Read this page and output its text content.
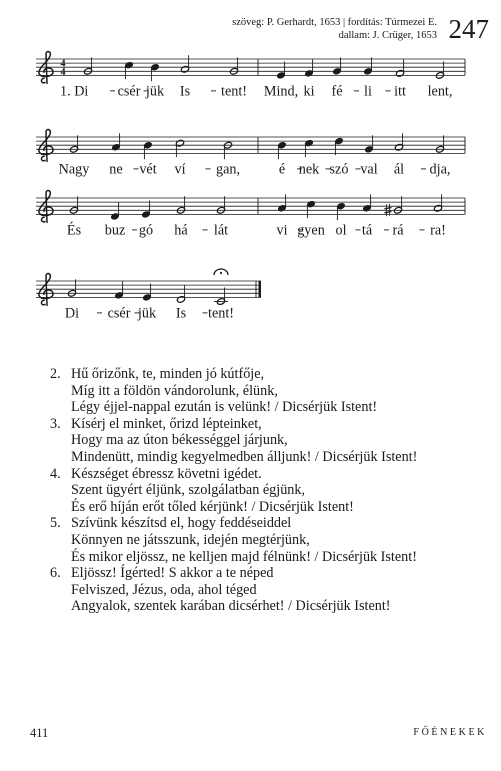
szöveg: P. Gerhardt, 1653 | fordítás: Túrmezei E.
dallam: J. Crüger, 1653 247
4
4
1. Di csér jük Is tent! Mind, ki fé li itt lent,
Nagy ne vét ví gan,	é nek szó val ál dja,
És buz gó há lát	vi gyen ol tá rá ra!
Di csér jük Is tent!
2. Hű őrizőnk, te, minden jó kútfője,
Míg itt a földön vándorolunk, élünk,
Légy éjjel-nappal ezután is velünk! / Dicsérjük Istent!
3. Kísérj el minket, őrizd lépteinket,
Hogy ma az úton békességgel járjunk,
Mindenütt, mindig kegyelmedben álljunk! / Dicsérjük Istent!
4. Készséget ébressz követni igédet.
Szent ügyért éljünk, szolgálatban égjünk,
És erő híján erőt tőled kérjünk! / Dicsérjük Istent!
5. Szívünk készítsd el, hogy feddéseiddel
Könnyen ne játsszunk, idején megtérjünk,
És mikor eljössz, ne kelljen majd félnünk! / Dicsérjük Istent!
6. Eljössz! Ígérted! S akkor a te néped
Felviszed, Jézus, oda, ahol téged
Angyalok, szentek karában dicsérhet! / Dicsérjük Istent!
411	FŐÉNEKEK
